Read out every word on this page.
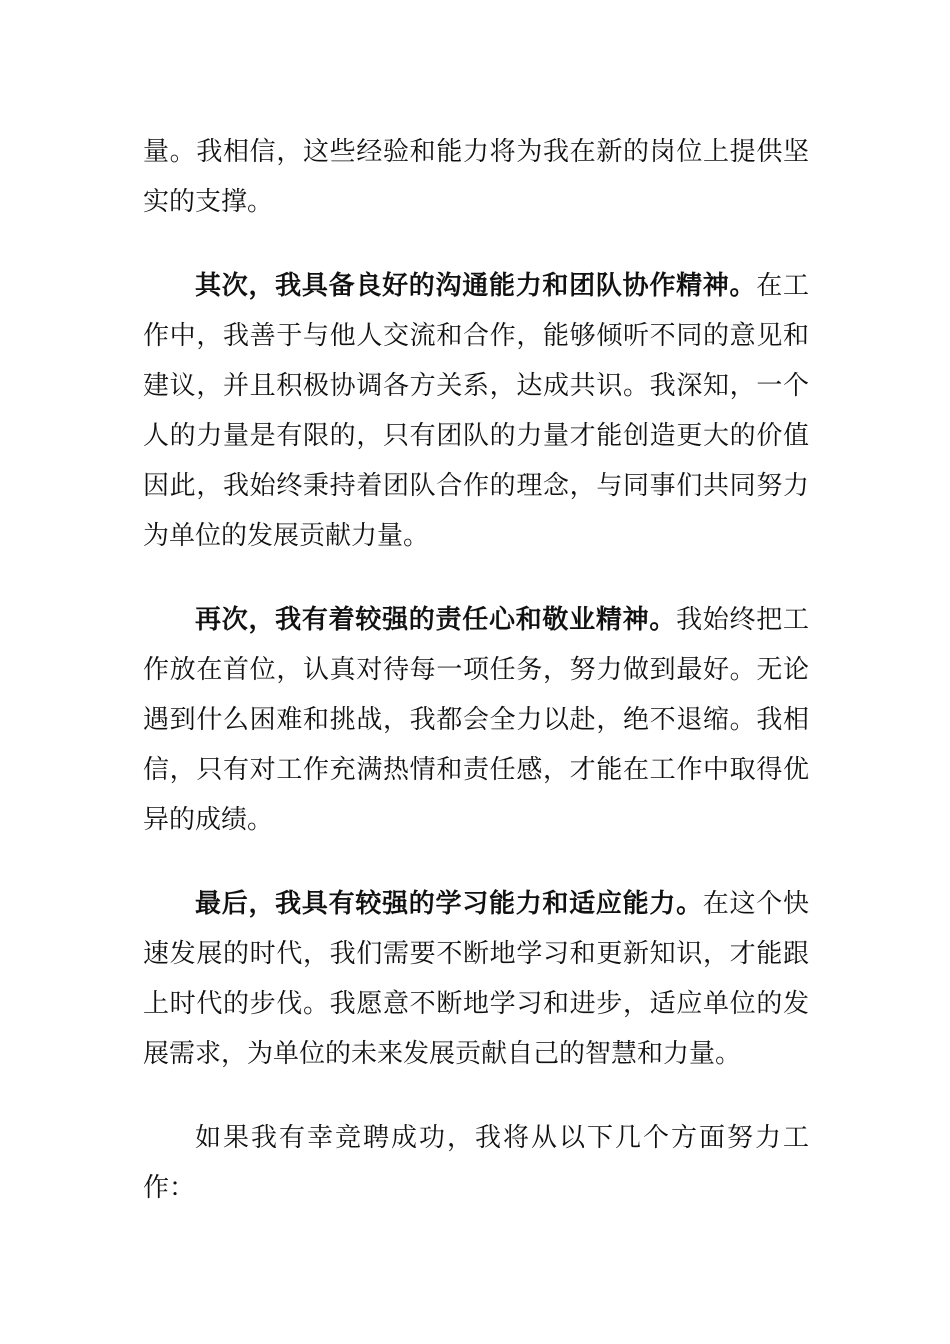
量。我相信，这些经验和能力将为我在新的岗位上提供坚实的支撑。

其次，我具备良好的沟通能力和团队协作精神。在工作中，我善于与他人交流和合作，能够倾听不同的意见和建议，并且积极协调各方关系，达成共识。我深知，一个人的力量是有限的，只有团队的力量才能创造更大的价值因此，我始终秉持着团队合作的理念，与同事们共同努力为单位的发展贡献力量。

再次，我有着较强的责任心和敬业精神。我始终把工作放在首位，认真对待每一项任务，努力做到最好。无论遇到什么困难和挑战，我都会全力以赴，绝不退缩。我相信，只有对工作充满热情和责任感，才能在工作中取得优异的成绩。

最后，我具有较强的学习能力和适应能力。在这个快速发展的时代，我们需要不断地学习和更新知识，才能跟上时代的步伐。我愿意不断地学习和进步，适应单位的发展需求，为单位的未来发展贡献自己的智慧和力量。

如果我有幸竞聘成功，我将从以下几个方面努力工作：
